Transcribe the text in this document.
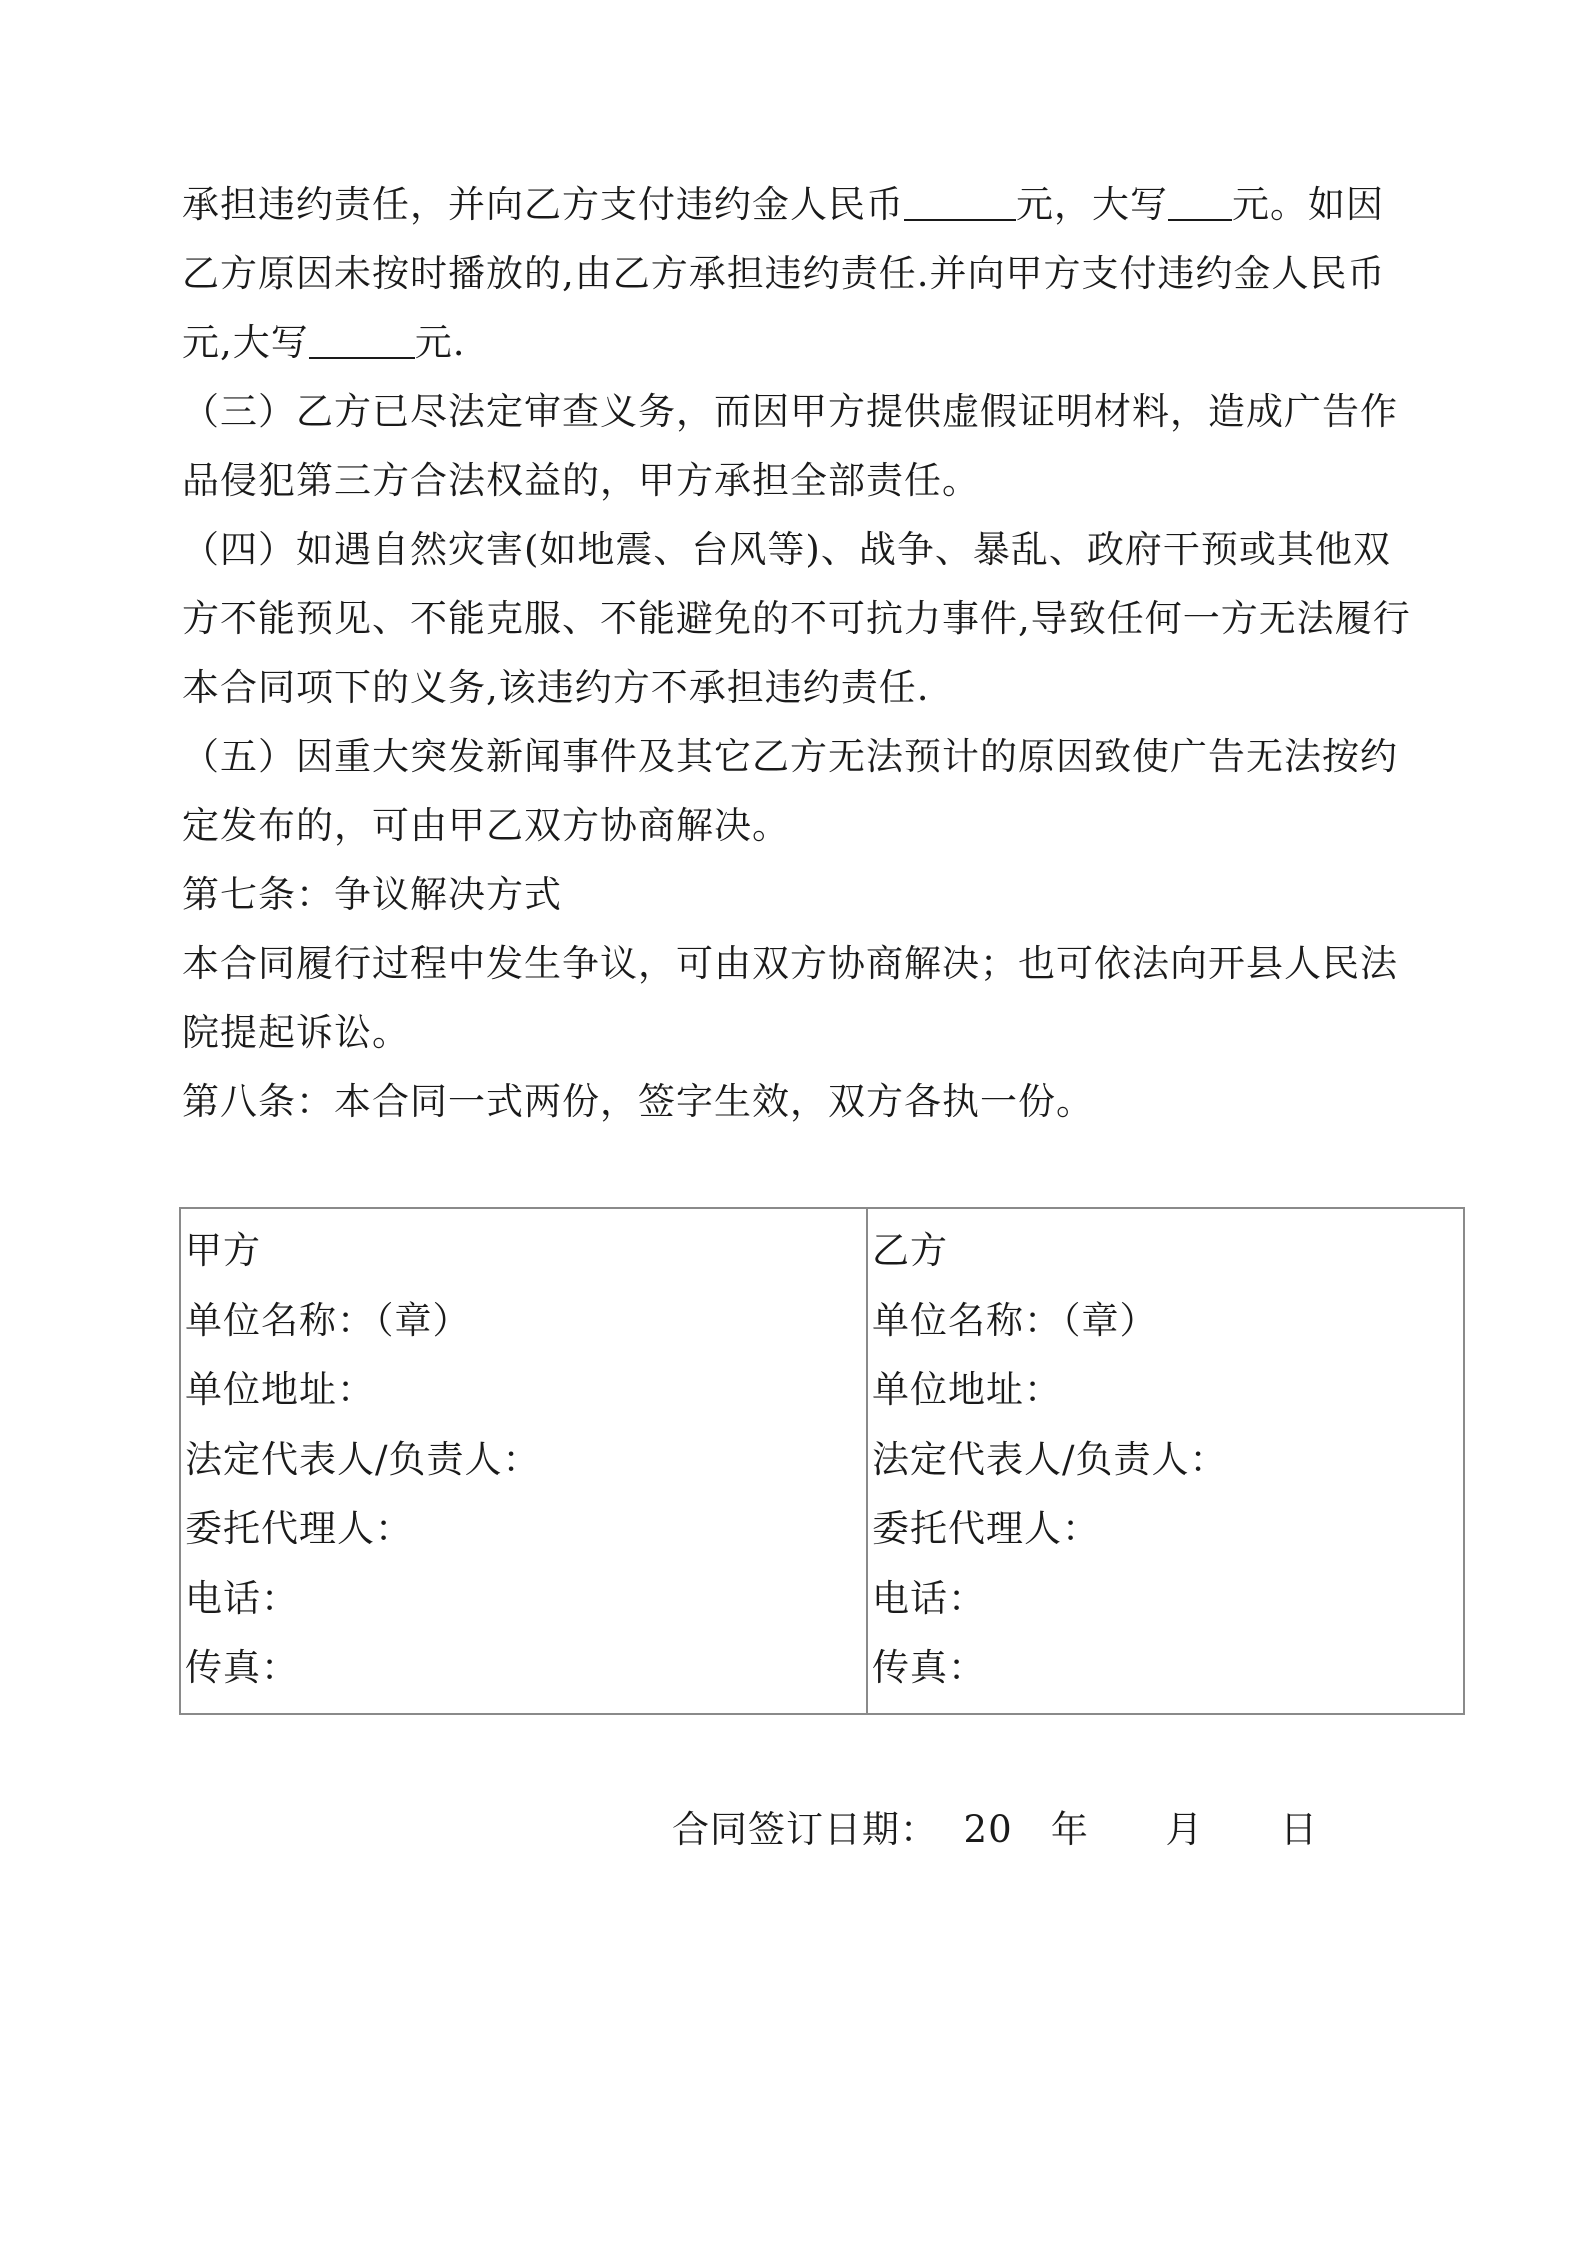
承担违约责任，并向乙方支付违约金人民币	元，大写 元。如因乙方原因未按时播放的,由乙方承担违约责任.并向甲方支付违约金人民币元,大写	元.

（三）乙方已尽法定审查义务，而因甲方提供虚假证明材料，造成广告作品侵犯第三方合法权益的，甲方承担全部责任。

（四）如遇自然灾害(如地震、台风等)、战争、暴乱、政府干预或其他双方不能预见、不能克服、不能避免的不可抗力事件,导致任何一方无法履行本合同项下的义务,该违约方不承担违约责任.

（五）因重大突发新闻事件及其它乙方无法预计的原因致使广告无法按约定发布的，可由甲乙双方协商解决。

第七条：争议解决方式

本合同履行过程中发生争议，可由双方协商解决；也可依法向开县人民法院提起诉讼。

第八条：本合同一式两份，签字生效，双方各执一份。

甲方
单位名称：（章）
单位地址：
法定代表人/负责人：
委托代理人：
电话：
传真：

乙方
单位名称：（章）
单位地址：
法定代表人/负责人：
委托代理人：
电话：
传真：
合同签订日期： 20 年 月 日
